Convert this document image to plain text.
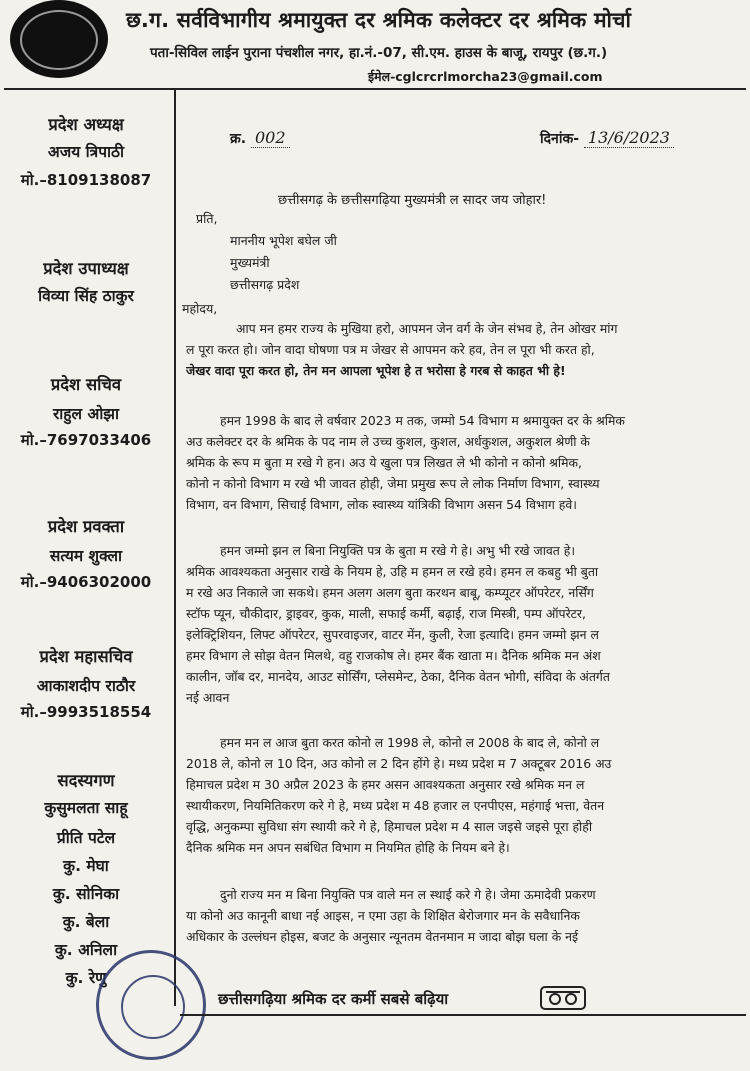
छ.ग. सर्वविभागीय श्रमायुक्त दर श्रमिक कलेक्टर दर श्रमिक मोर्चा
पता-सिविल लाईन पुराना पंचशील नगर, हा.नं.-07, सी.एम. हाउस के बाजू, रायपुर (छ.ग.)
ईमेल-cglcrcrlmorcha23@gmail.com
प्रदेश अध्यक्ष
अजय त्रिपाठी
मो.–8109138087
प्रदेश उपाध्यक्ष
विव्या सिंह ठाकुर
प्रदेश सचिव
राहुल ओझा
मो.–7697033406
प्रदेश प्रवक्ता
सत्यम शुक्ला
मो.–9406302000
प्रदेश महासचिव
आकाशदीप राठौर
मो.–9993518554
सदस्यगण
कुसुमलता साहू
प्रीति पटेल
कु. मेघा
कु. सोनिका
कु. बेला
कु. अनिला
कु. रेणु
क्र. 002	दिनांक- 13/6/2023
छत्तीसगढ़ के छत्तीसगढ़िया मुख्यमंत्री ल सादर जय जोहार!
प्रति,
माननीय भूपेश बघेल जी
मुख्यमंत्री
छत्तीसगढ़ प्रदेश
महोदय,
आप मन हमर राज्य के मुखिया हरो, आपमन जेन वर्ग के जेन संभव हे, तेन ओखर मांग
ल पूरा करत हो। जोन वादा घोषणा पत्र म जेखर से आपमन करे हव, तेन ल पूरा भी करत हो,
जेखर वादा पूरा करत हो, तेन मन आपला भूपेश हे त भरोसा हे गरब से काहत भी हे!
हमन 1998 के बाद ले वर्षवार 2023 म तक, जम्मो 54 विभाग म श्रमायुक्त दर के श्रमिक
अउ कलेक्टर दर के श्रमिक के पद नाम ले उच्च कुशल, कुशल, अर्धकुशल, अकुशल श्रेणी के
श्रमिक के रूप म बुता म रखे गे हन। अउ ये खुला पत्र लिखत ले भी कोनो न कोनो श्रमिक,
कोनो न कोनो विभाग म रखे भी जावत होही, जेमा प्रमुख रूप ले लोक निर्माण विभाग, स्वास्थ्य
विभाग, वन विभाग, सिचाई विभाग, लोक स्वास्थ्य यांत्रिकी विभाग असन 54 विभाग हवे।
हमन जम्मो झन ल बिना नियुक्ति पत्र के बुता म रखे गे हे। अभु भी रखे जावत हे।
श्रमिक आवश्यकता अनुसार राखे के नियम हे, उहि म हमन ल रखे हवे। हमन ल कबहु भी बुता
म रखे अउ निकाले जा सकथे। हमन अलग अलग बुता करथन बाबू, कम्प्यूटर ऑपरेटर, नर्सिंग
स्टॉफ प्यून, चौकीदार, ड्राइवर, कुक, माली, सफाई कर्मी, बढ़ाई, राज मिस्त्री, पम्प ऑपरेटर,
इलेक्ट्रिशियन, लिफ्ट ऑपरेटर, सुपरवाइजर, वाटर मेंन, कुली, रेजा इत्यादि। हमन जम्मो झन ल
हमर विभाग ले सोझ वेतन मिलथे, वहु राजकोष ले। हमर बैंक खाता म। दैनिक श्रमिक मन अंश
कालीन, जॉब दर, मानदेय, आउट सोर्सिंग, प्लेसमेन्ट, ठेका, दैनिक वेतन भोगी, संविदा के अंतर्गत
नई आवन
हमन मन ल आज बुता करत कोनो ल 1998 ले, कोनो ल 2008 के बाद ले, कोनो ल
2018 ले, कोनो ल 10 दिन, अउ कोनो ल 2 दिन होंगे हे। मध्य प्रदेश म 7 अक्टूबर 2016 अउ
हिमाचल प्रदेश म 30 अप्रैल 2023 के हमर असन आवश्यकता अनुसार रखे श्रमिक मन ल
स्थायीकरण, नियमितिकरण करे गे हे, मध्य प्रदेश म 48 हजार ल एनपीएस, महंगाई भत्ता, वेतन
वृद्धि, अनुकम्पा सुविधा संग स्थायी करे गे हे, हिमाचल प्रदेश म 4 साल जइसे जइसे पूरा होही
दैनिक श्रमिक मन अपन सबंधित विभाग म नियमित होहि के नियम बने हे।
दुनो राज्य मन म बिना नियुक्ति पत्र वाले मन ल स्थाई करे गे हे। जेमा ऊमादेवी प्रकरण
या कोनो अउ कानूनी बाधा नई आइस, न एमा उहा के शिक्षित बेरोजगार मन के सवैधानिक
अधिकार के उल्लंघन होइस, बजट के अनुसार न्यूनतम वेतनमान म जादा बोझ घला के नई
छत्तीसगढ़िया श्रमिक दर कर्मी सबसे बढ़िया
